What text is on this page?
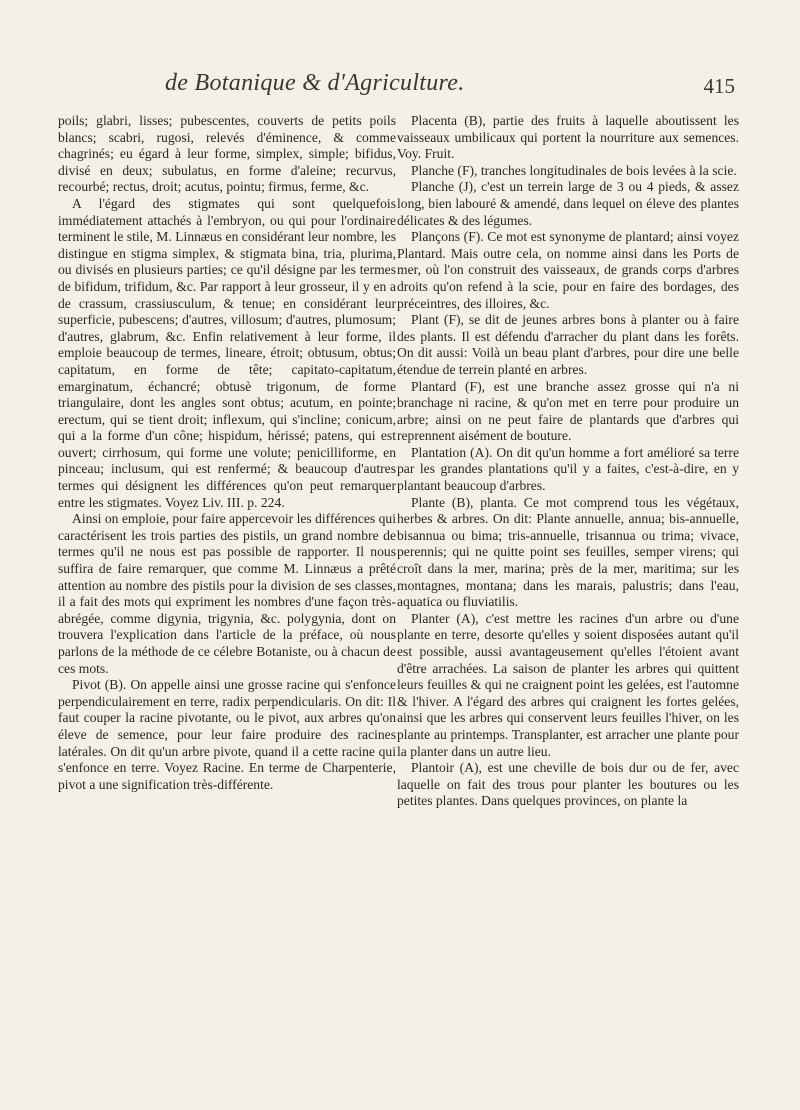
de Botanique & d'Agriculture.	415

poils; glabri, lisses; pubescentes, couverts de petits poils blancs; scabri, rugosi, relevés d'éminence, & comme chagrinés; eu égard à leur forme, simplex, simple; bifidus, divisé en deux; subulatus, en forme d'aleine; recurvus, recourbé; rectus, droit; acutus, pointu; firmus, ferme, &c.

A l'égard des stigmates qui sont quelquefois immédiatement attachés à l'embryon, ou qui pour l'ordinaire terminent le stile, M. Linnæus en considérant leur nombre, les distingue en stigma simplex, & stigmata bina, tria, plurima, ou divisés en plusieurs parties; ce qu'il désigne par les termes de bifidum, trifidum, &c. Par rapport à leur grosseur, il y en a de crassum, crassiusculum, & tenue; en considérant leur superficie, pubescens; d'autres, villosum; d'autres, plumosum; d'autres, glabrum, &c. Enfin relativement à leur forme, il emploie beaucoup de termes, lineare, étroit; obtusum, obtus; capitatum, en forme de tête; capitato-capitatum, emarginatum, échancré; obtusè trigonum, de forme triangulaire, dont les angles sont obtus; acutum, en pointe; erectum, qui se tient droit; inflexum, qui s'incline; conicum, qui a la forme d'un cône; hispidum, hérissé; patens, qui est ouvert; cirrhosum, qui forme une volute; penicilliforme, en pinceau; inclusum, qui est renfermé; & beaucoup d'autres termes qui désignent les différences qu'on peut remarquer entre les stigmates. Voyez Liv. III. p. 224.

Ainsi on emploie, pour faire appercevoir les différences qui caractérisent les trois parties des pistils, un grand nombre de termes qu'il ne nous est pas possible de rapporter. Il nous suffira de faire remarquer, que comme M. Linnæus a prêté attention au nombre des pistils pour la division de ses classes, il a fait des mots qui expriment les nombres d'une façon très-abrégée, comme digynia, trigynia, &c. polygynia, dont on trouvera l'explication dans l'article de la préface, où nous parlons de la méthode de ce célebre Botaniste, ou à chacun de ces mots.

Pivot (B). On appelle ainsi une grosse racine qui s'enfonce perpendiculairement en terre, radix perpendicularis. On dit: Il faut couper la racine pivotante, ou le pivot, aux arbres qu'on éleve de semence, pour leur faire produire des racines latérales. On dit qu'un arbre pivote, quand il a cette racine qui s'enfonce en terre. Voyez Racine. En terme de Charpenterie, pivot a une signification très-différente.

Placenta (B), partie des fruits à laquelle aboutissent les vaisseaux umbilicaux qui portent la nourriture aux semences. Voy. Fruit.

Planche (F), tranches longitudinales de bois levées à la scie.

Planche (J), c'est un terrein large de 3 ou 4 pieds, & assez long, bien labouré & amendé, dans lequel on éleve des plantes délicates & des légumes.

Plançons (F). Ce mot est synonyme de plantard; ainsi voyez Plantard. Mais outre cela, on nomme ainsi dans les Ports de mer, où l'on construit des vaisseaux, de grands corps d'arbres droits qu'on refend à la scie, pour en faire des bordages, des préceintres, des illoires, &c.

Plant (F), se dit de jeunes arbres bons à planter ou à faire des plants. Il est défendu d'arracher du plant dans les forêts. On dit aussi: Voilà un beau plant d'arbres, pour dire une belle étendue de terrein planté en arbres.

Plantard (F), est une branche assez grosse qui n'a ni branchage ni racine, & qu'on met en terre pour produire un arbre; ainsi on ne peut faire de plantards que d'arbres qui reprennent aisément de bouture.

Plantation (A). On dit qu'un homme a fort amélioré sa terre par les grandes plantations qu'il y a faites, c'est-à-dire, en y plantant beaucoup d'arbres.

Plante (B), planta. Ce mot comprend tous les végétaux, herbes & arbres. On dit: Plante annuelle, annua; bis-annuelle, bisannua ou bima; tris-annuelle, trisannua ou trima; vivace, perennis; qui ne quitte point ses feuilles, semper virens; qui croît dans la mer, marina; près de la mer, maritima; sur les montagnes, montana; dans les marais, palustris; dans l'eau, aquatica ou fluviatilis.

Planter (A), c'est mettre les racines d'un arbre ou d'une plante en terre, desorte qu'elles y soient disposées autant qu'il est possible, aussi avantageusement qu'elles l'étoient avant d'être arrachées. La saison de planter les arbres qui quittent leurs feuilles & qui ne craignent point les gelées, est l'automne & l'hiver. A l'égard des arbres qui craignent les fortes gelées, ainsi que les arbres qui conservent leurs feuilles l'hiver, on les plante au printemps. Transplanter, est arracher une plante pour la planter dans un autre lieu.

Plantoir (A), est une cheville de bois dur ou de fer, avec laquelle on fait des trous pour planter les boutures ou les petites plantes. Dans quelques provinces, on plante la
